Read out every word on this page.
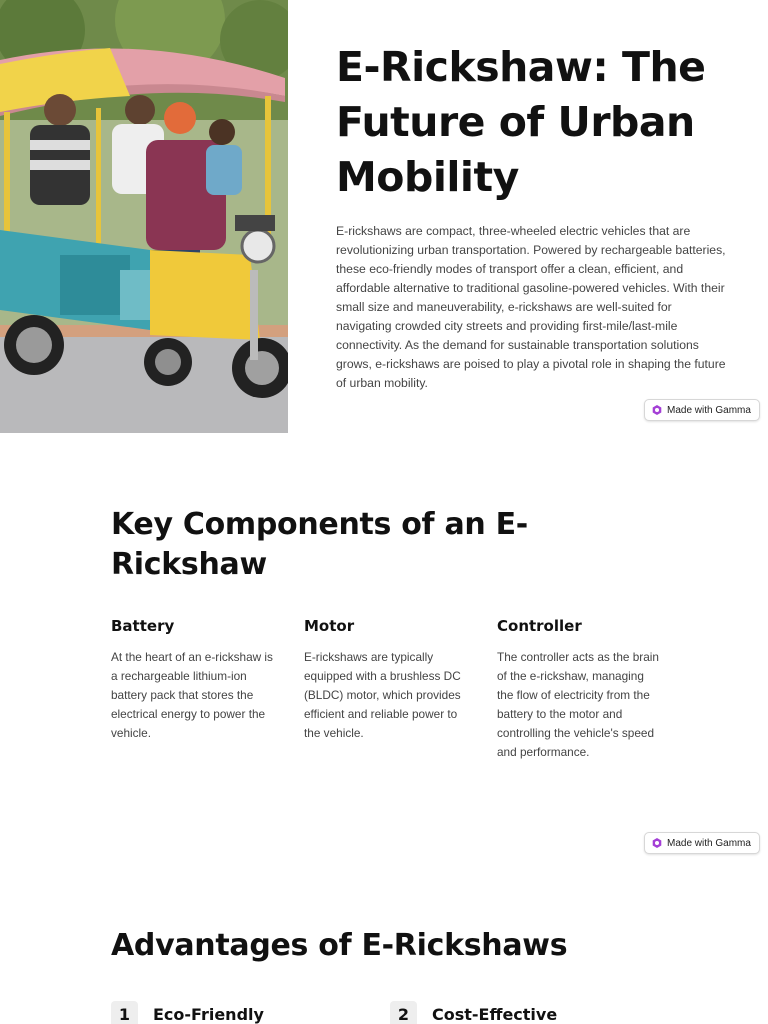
E-Rickshaw: The Future of Urban Mobility

E-rickshaws are compact, three-wheeled electric vehicles that are revolutionizing urban transportation. Powered by rechargeable batteries, these eco-friendly modes of transport offer a clean, efficient, and affordable alternative to traditional gasoline-powered vehicles. With their small size and maneuverability, e-rickshaws are well-suited for navigating crowded city streets and providing first-mile/last-mile connectivity. As the demand for sustainable transportation solutions grows, e-rickshaws are poised to play a pivotal role in shaping the future of urban mobility.

Made with Gamma
Key Components of an E-Rickshaw
Battery

At the heart of an e-rickshaw is a rechargeable lithium-ion battery pack that stores the electrical energy to power the vehicle.

Motor

E-rickshaws are typically equipped with a brushless DC (BLDC) motor, which provides efficient and reliable power to the vehicle.

Controller

The controller acts as the brain of the e-rickshaw, managing the flow of electricity from the battery to the motor and controlling the vehicle's speed and performance.

Made with Gamma
Advantages of E-Rickshaws
1	Eco-Friendly	2	Cost-Effective
